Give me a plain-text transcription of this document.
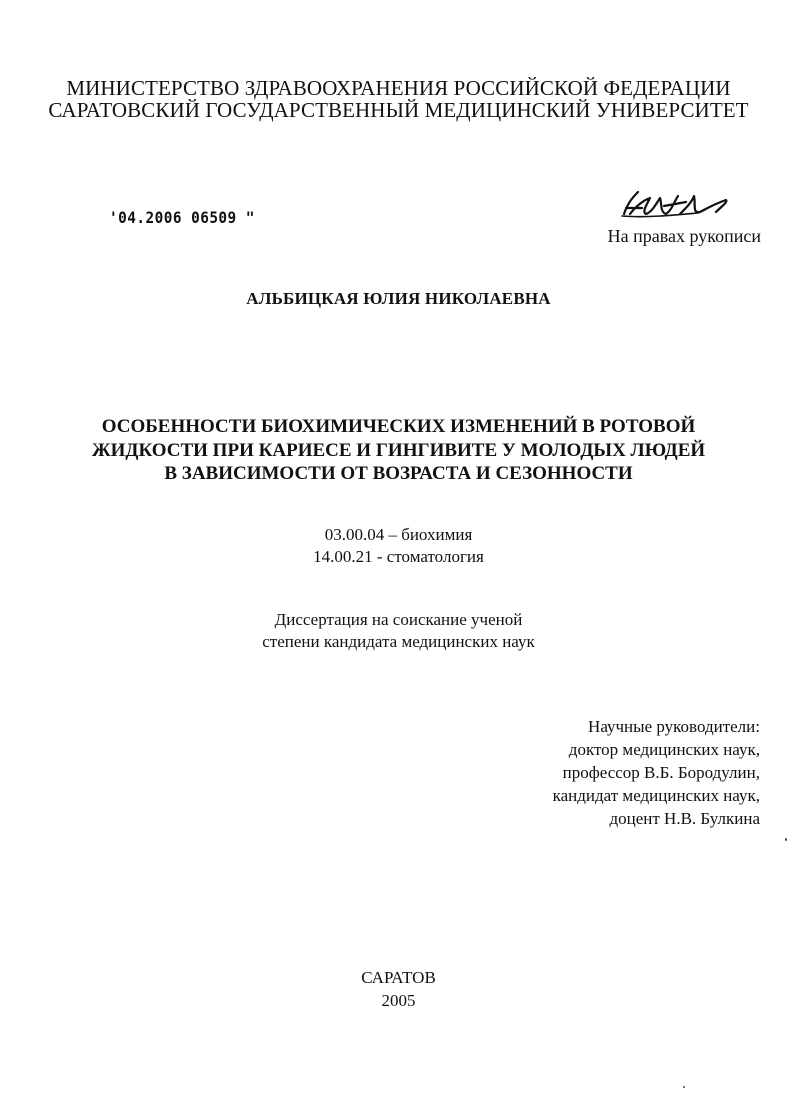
МИНИСТЕРСТВО ЗДРАВООХРАНЕНИЯ РОССИЙСКОЙ ФЕДЕРАЦИИ

САРАТОВСКИЙ ГОСУДАРСТВЕННЫЙ МЕДИЦИНСКИЙ УНИВЕРСИТЕТ

'04.2006 06509 "

На правах рукописи

АЛЬБИЦКАЯ ЮЛИЯ НИКОЛАЕВНА

ОСОБЕННОСТИ БИОХИМИЧЕСКИХ ИЗМЕНЕНИЙ В РОТОВОЙ

ЖИДКОСТИ ПРИ КАРИЕСЕ И ГИНГИВИТЕ У МОЛОДЫХ ЛЮДЕЙ

В ЗАВИСИМОСТИ ОТ ВОЗРАСТА И СЕЗОННОСТИ

03.00.04 – биохимия

14.00.21 - стоматология

Диссертация на соискание ученой

степени кандидата медицинских наук

Научные руководители:

доктор медицинских наук,

профессор В.Б. Бородулин,

кандидат медицинских наук,

доцент Н.В. Булкина

САРАТОВ

2005
